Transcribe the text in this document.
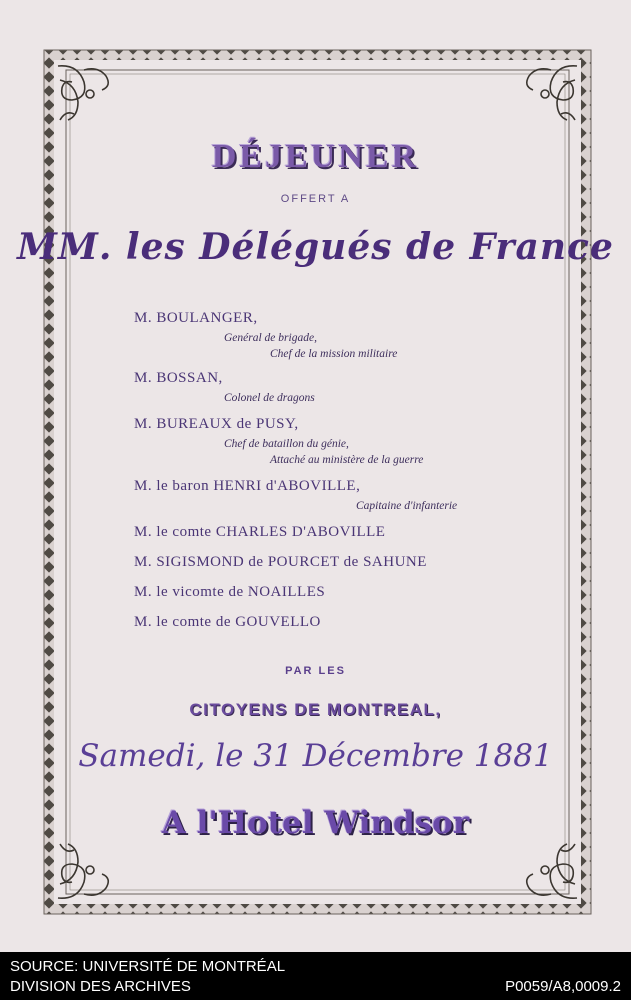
DÉJEUNER
OFFERT A
MM. les Délégués de France
M. BOULANGER,
Genéral de brigade,
Chef de la mission militaire
M. BOSSAN,
Colonel de dragons
M. BUREAUX de PUSY,
Chef de bataillon du génie,
Attaché au ministère de la guerre
M. le baron HENRI d'ABOVILLE,
Capitaine d'infanterie
M. le comte CHARLES D'ABOVILLE
M. SIGISMOND de POURCET de SAHUNE
M. le vicomte de NOAILLES
M. le comte de GOUVELLO
PAR LES
CITOYENS DE MONTREAL,
Samedi, le 31 Décembre 1881
A l'Hotel Windsor
SOURCE: UNIVERSITÉ DE MONTRÉAL
DIVISION DES ARCHIVES	P0059/A8,0009.2
